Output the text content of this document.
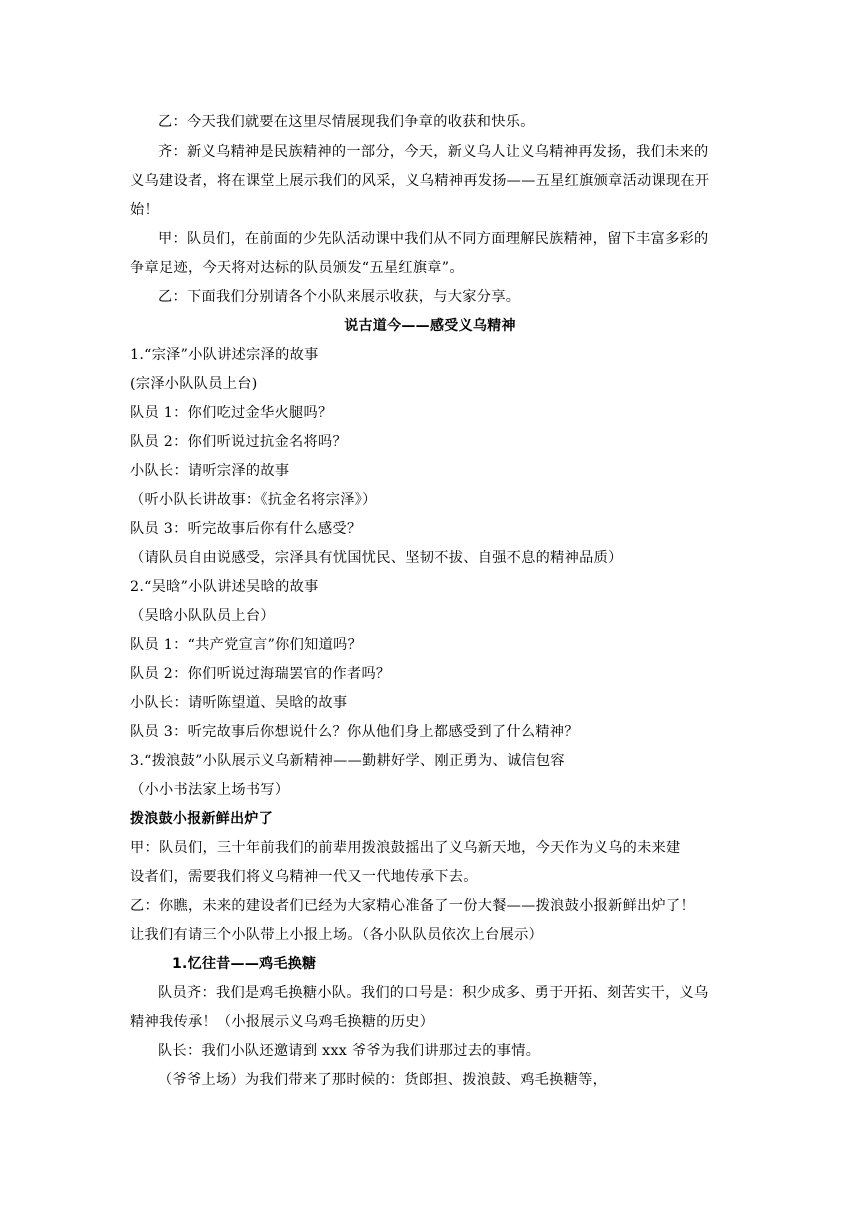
乙：今天我们就要在这里尽情展现我们争章的收获和快乐。
齐：新义乌精神是民族精神的一部分，今天，新义乌人让义乌精神再发扬，我们未来的
义乌建设者，将在课堂上展示我们的风采，义乌精神再发扬——五星红旗颁章活动课现在开
始！
甲：队员们，在前面的少先队活动课中我们从不同方面理解民族精神，留下丰富多彩的
争章足迹，今天将对达标的队员颁发“五星红旗章”。
乙：下面我们分别请各个小队来展示收获，与大家分享。
说古道今——感受义乌精神
1.“宗泽”小队讲述宗泽的故事
(宗泽小队队员上台)
队员 1：你们吃过金华火腿吗？
队员 2：你们听说过抗金名将吗？
小队长：请听宗泽的故事
（听小队长讲故事：《抗金名将宗泽》）
队员 3：听完故事后你有什么感受？
（请队员自由说感受，宗泽具有忧国忧民、坚韧不拔、自强不息的精神品质）
2.“吴晗”小队讲述吴晗的故事
（吴晗小队队员上台）
队员 1：“共产党宣言”你们知道吗？
队员 2：你们听说过海瑞罢官的作者吗？
小队长：请听陈望道、吴晗的故事
队员 3：听完故事后你想说什么？你从他们身上都感受到了什么精神？
3.“拨浪鼓”小队展示义乌新精神——勤耕好学、刚正勇为、诚信包容
（小小书法家上场书写）
拨浪鼓小报新鲜出炉了
甲：队员们，三十年前我们的前辈用拨浪鼓摇出了义乌新天地，今天作为义乌的未来建
设者们，需要我们将义乌精神一代又一代地传承下去。
乙：你瞧，未来的建设者们已经为大家精心准备了一份大餐——拨浪鼓小报新鲜出炉了！
让我们有请三个小队带上小报上场。（各小队队员依次上台展示）
1.忆往昔——鸡毛换糖
队员齐：我们是鸡毛换糖小队。我们的口号是：积少成多、勇于开拓、刻苦实干，义乌
精神我传承！（小报展示义乌鸡毛换糖的历史）
队长：我们小队还邀请到 xxx 爷爷为我们讲那过去的事情。
（爷爷上场）为我们带来了那时候的：货郎担、拨浪鼓、鸡毛换糖等，
